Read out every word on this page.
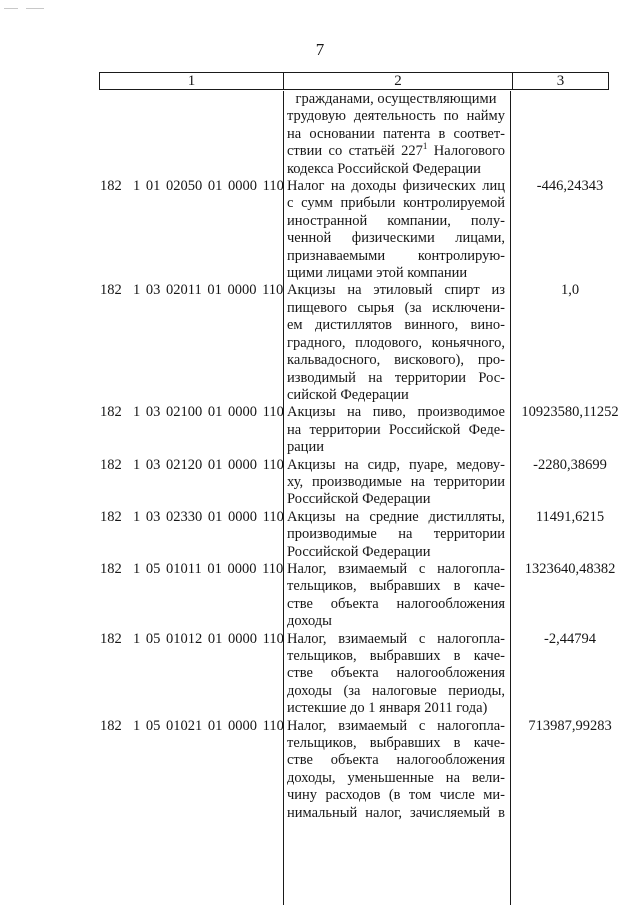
7
1	2	3
гражданами, осуществляющими
трудовую деятельность по найму
на основании патента в соответ-
ствии со статьёй $227^1$ Налогового
кодекса Российской Федерации
182  1 01 02050 01 0000 110 Налог на доходы физических лиц
с сумм прибыли контролируемой
иностранной компании, полу-
ченной физическими лицами,
признаваемыми контролирую-
щими лицами этой компании
-446,24343
182  1 03 02011 01 0000 110 Акцизы на этиловый спирт из
пищевого сырья (за исключени-
ем дистиллятов винного, вино-
градного, плодового, коньячного,
кальвадосного, вискового), про-
изводимый на территории Рос-
сийской Федерации
1,0
182  1 03 02100 01 0000 110 Акцизы на пиво, производимое
на территории Российской Феде-
рации
10923580,11252
182  1 03 02120 01 0000 110 Акцизы на сидр, пуаре, медову-
ху, производимые на территории
Российской Федерации
-2280,38699
182  1 03 02330 01 0000 110 Акцизы на средние дистилляты,
производимые на территории
Российской Федерации
11491,6215
182  1 05 01011 01 0000 110 Налог, взимаемый с налогопла-
тельщиков, выбравших в каче-
стве объекта налогообложения
доходы
1323640,48382
182  1 05 01012 01 0000 110 Налог, взимаемый с налогопла-
тельщиков, выбравших в каче-
стве объекта налогообложения
доходы (за налоговые периоды,
истекшие до 1 января 2011 года)
-2,44794
182  1 05 01021 01 0000 110 Налог, взимаемый с налогопла-
тельщиков, выбравших в каче-
стве объекта налогообложения
доходы, уменьшенные на вели-
чину расходов (в том числе ми-
нимальный налог, зачисляемый в
713987,99283
